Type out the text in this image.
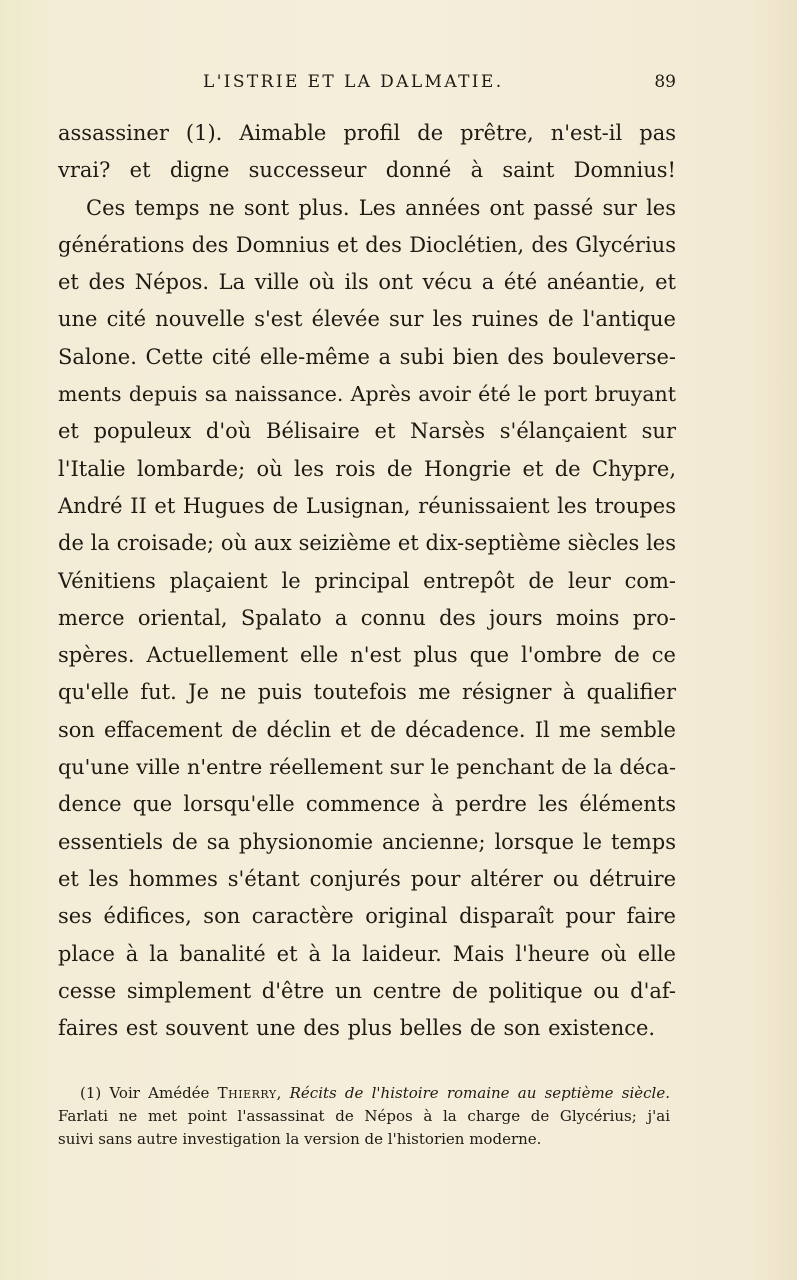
L'ISTRIE ET LA DALMATIE.	89
assassiner (1). Aimable profil de prêtre, n'est-il pas
vrai? et digne successeur donné à saint Domnius!
Ces temps ne sont plus. Les années ont passé sur les
générations des Domnius et des Dioclétien, des Glycérius
et des Népos. La ville où ils ont vécu a été anéantie, et
une cité nouvelle s'est élevée sur les ruines de l'antique
Salone. Cette cité elle-même a subi bien des bouleverse-
ments depuis sa naissance. Après avoir été le port bruyant
et populeux d'où Bélisaire et Narsès s'élançaient sur
l'Italie lombarde; où les rois de Hongrie et de Chypre,
André II et Hugues de Lusignan, réunissaient les troupes
de la croisade; où aux seizième et dix-septième siècles les
Vénitiens plaçaient le principal entrepôt de leur com-
merce oriental, Spalato a connu des jours moins pro-
spères. Actuellement elle n'est plus que l'ombre de ce
qu'elle fut. Je ne puis toutefois me résigner à qualifier
son effacement de déclin et de décadence. Il me semble
qu'une ville n'entre réellement sur le penchant de la déca-
dence que lorsqu'elle commence à perdre les éléments
essentiels de sa physionomie ancienne; lorsque le temps
et les hommes s'étant conjurés pour altérer ou détruire
ses édifices, son caractère original disparaît pour faire
place à la banalité et à la laideur. Mais l'heure où elle
cesse simplement d'être un centre de politique ou d'af-
faires est souvent une des plus belles de son existence.
(1) Voir Amédée Thierry, Récits de l'histoire romaine au septième siècle.
Farlati ne met point l'assassinat de Népos à la charge de Glycérius; j'ai
suivi sans autre investigation la version de l'historien moderne.
